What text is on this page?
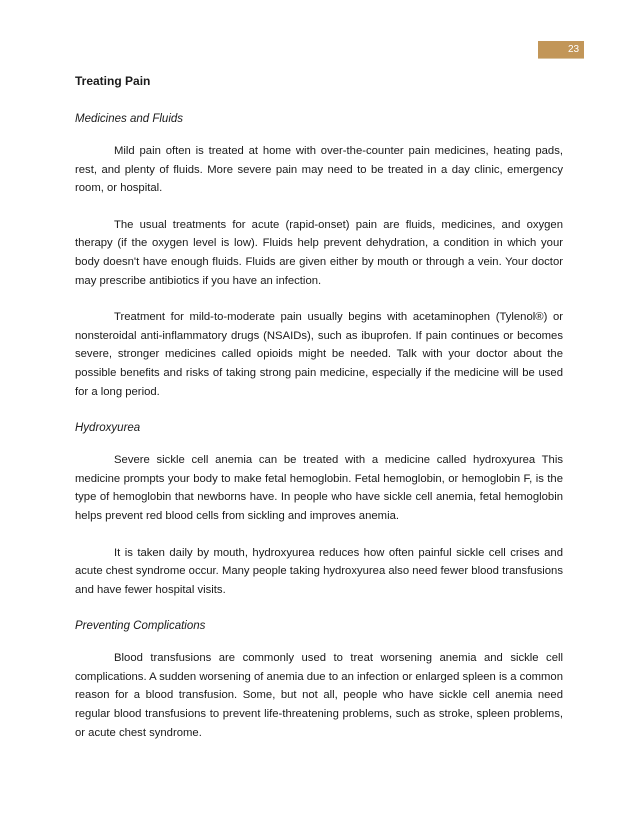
23
Treating Pain
Medicines and Fluids

Mild pain often is treated at home with over-the-counter pain medicines, heating pads, rest, and plenty of fluids. More severe pain may need to be treated in a day clinic, emergency room, or hospital.

The usual treatments for acute (rapid-onset) pain are fluids, medicines, and oxygen therapy (if the oxygen level is low). Fluids help prevent dehydration, a condition in which your body doesn't have enough fluids. Fluids are given either by mouth or through a vein. Your doctor may prescribe antibiotics if you have an infection.

Treatment for mild-to-moderate pain usually begins with acetaminophen (Tylenol®) or nonsteroidal anti-inflammatory drugs (NSAIDs), such as ibuprofen. If pain continues or becomes severe, stronger medicines called opioids might be needed. Talk with your doctor about the possible benefits and risks of taking strong pain medicine, especially if the medicine will be used for a long period.

Hydroxyurea

Severe sickle cell anemia can be treated with a medicine called hydroxyurea This medicine prompts your body to make fetal hemoglobin. Fetal hemoglobin, or hemoglobin F, is the type of hemoglobin that newborns have. In people who have sickle cell anemia, fetal hemoglobin helps prevent red blood cells from sickling and improves anemia.

It is taken daily by mouth, hydroxyurea reduces how often painful sickle cell crises and acute chest syndrome occur. Many people taking hydroxyurea also need fewer blood transfusions and have fewer hospital visits.

Preventing Complications

Blood transfusions are commonly used to treat worsening anemia and sickle cell complications. A sudden worsening of anemia due to an infection or enlarged spleen is a common reason for a blood transfusion. Some, but not all, people who have sickle cell anemia need regular blood transfusions to prevent life-threatening problems, such as stroke, spleen problems, or acute chest syndrome.
